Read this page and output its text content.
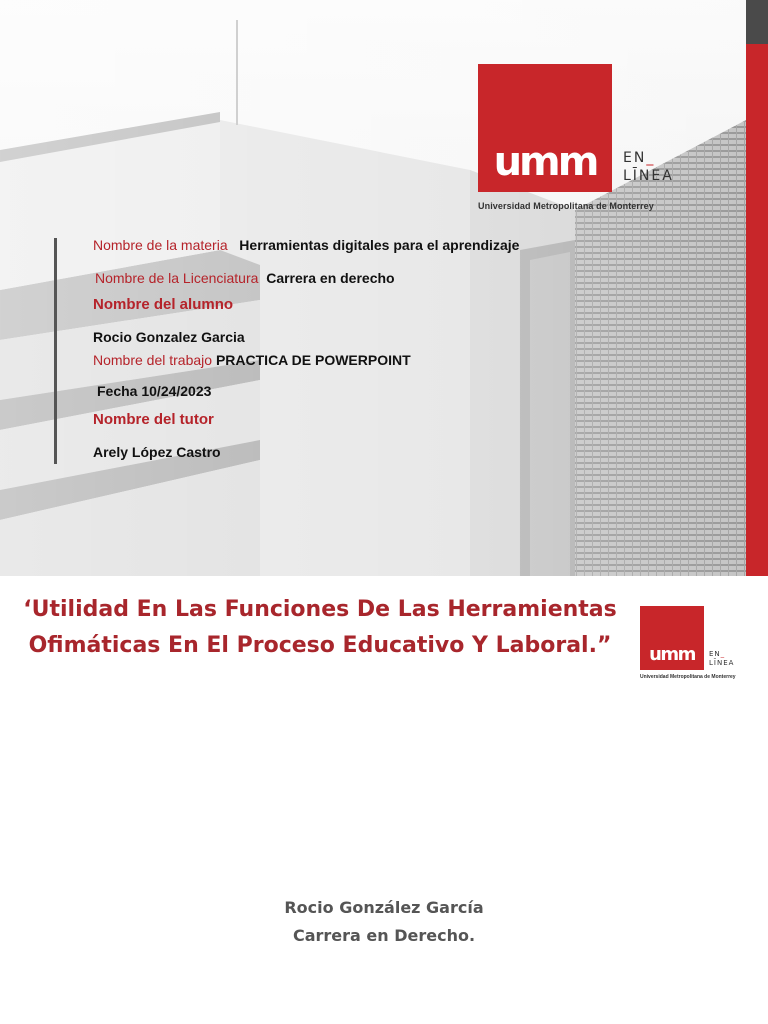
umm	EN_
LĪNEA
Universidad Metropolitana de Monterrey
Nombre de la materia Herramientas digitales para el aprendizaje
Nombre de la Licenciatura Carrera en derecho
Nombre del alumno
Rocio Gonzalez Garcia
Nombre del trabajo PRACTICA DE POWERPOINT
Fecha 10/24/2023
Nombre del tutor
Arely López Castro
‘Utilidad En Las Funciones De Las Herramientas
Ofimáticas En El Proceso Educativo Y Laboral.”	umm	EN_
LĪNEA
Universidad Metropolitana de Monterrey
Rocio González García
Carrera en Derecho.
